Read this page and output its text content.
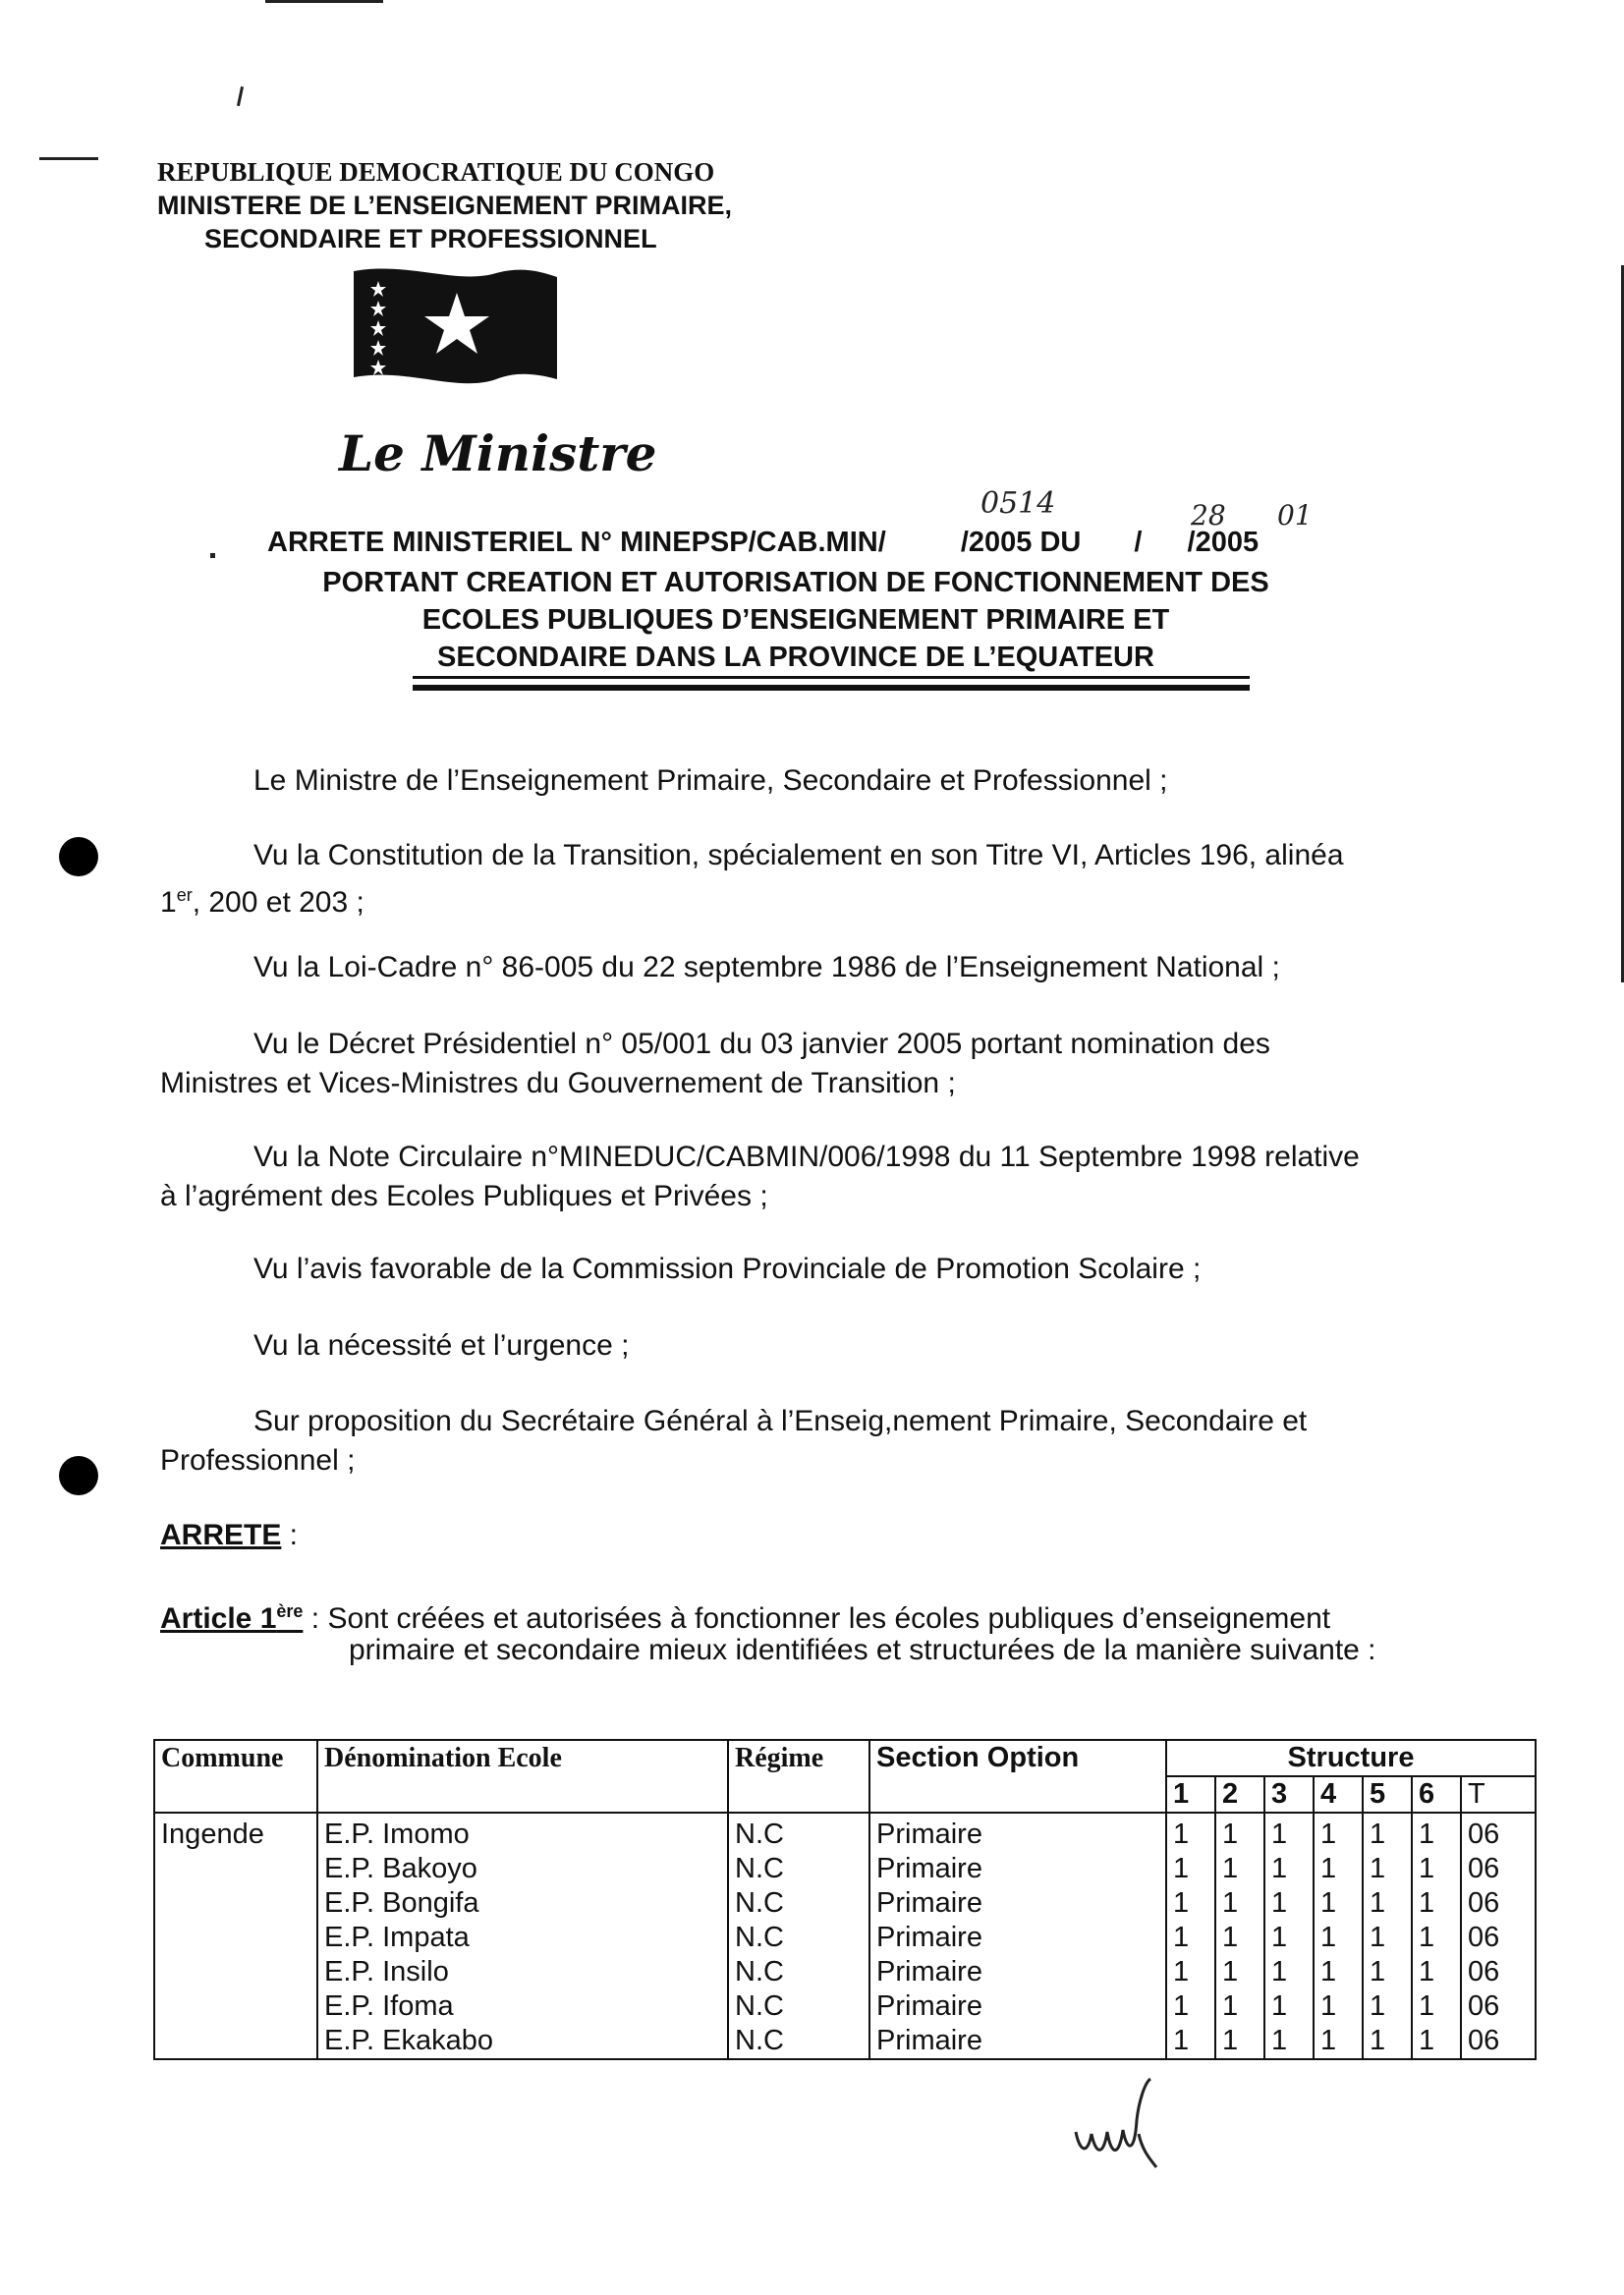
REPUBLIQUE DEMOCRATIQUE DU CONGO
MINISTERE DE L’ENSEIGNEMENT PRIMAIRE,
SECONDAIRE ET PROFESSIONNEL
Le Ministre
0514	28 01
ARRETE MINISTERIEL N° MINEPSP/CAB.MIN/	/2005 DU / /2005
PORTANT CREATION ET AUTORISATION DE FONCTIONNEMENT DES
ECOLES PUBLIQUES D’ENSEIGNEMENT PRIMAIRE ET
SECONDAIRE DANS LA PROVINCE DE L’EQUATEUR
Le Ministre de l’Enseignement Primaire, Secondaire et Professionnel ;
Vu la Constitution de la Transition, spécialement en son Titre VI, Articles 196, alinéa
1er, 200 et 203 ;
Vu la Loi-Cadre n° 86-005 du 22 septembre 1986 de l’Enseignement National ;
Vu le Décret Présidentiel n° 05/001 du 03 janvier 2005 portant nomination des
Ministres et Vices-Ministres du Gouvernement de Transition ;
Vu la Note Circulaire n°MINEDUC/CABMIN/006/1998 du 11 Septembre 1998 relative
à l’agrément des Ecoles Publiques et Privées ;
Vu l’avis favorable de la Commission Provinciale de Promotion Scolaire ;
Vu la nécessité et l’urgence ;
Sur proposition du Secrétaire Général à l’Enseig,nement Primaire, Secondaire et
Professionnel ;
ARRETE :
Article 1ère : Sont créées et autorisées à fonctionner les écoles publiques d’enseignement
primaire et secondaire mieux identifiées et structurées de la manière suivante :
Commune	Dénomination Ecole	Régime	Section Option	Structure						
				1	2	3	4	5	6	T
Ingende	E.P. Imomo	N.C	Primaire	1	1	1	1	1	1	06
	E.P. Bakoyo	N.C	Primaire	1	1	1	1	1	1	06
	E.P. Bongifa	N.C	Primaire	1	1	1	1	1	1	06
	E.P. Impata	N.C	Primaire	1	1	1	1	1	1	06
	E.P. Insilo	N.C	Primaire	1	1	1	1	1	1	06
	E.P. Ifoma	N.C	Primaire	1	1	1	1	1	1	06
	E.P. Ekakabo	N.C	Primaire	1	1	1	1	1	1	06
